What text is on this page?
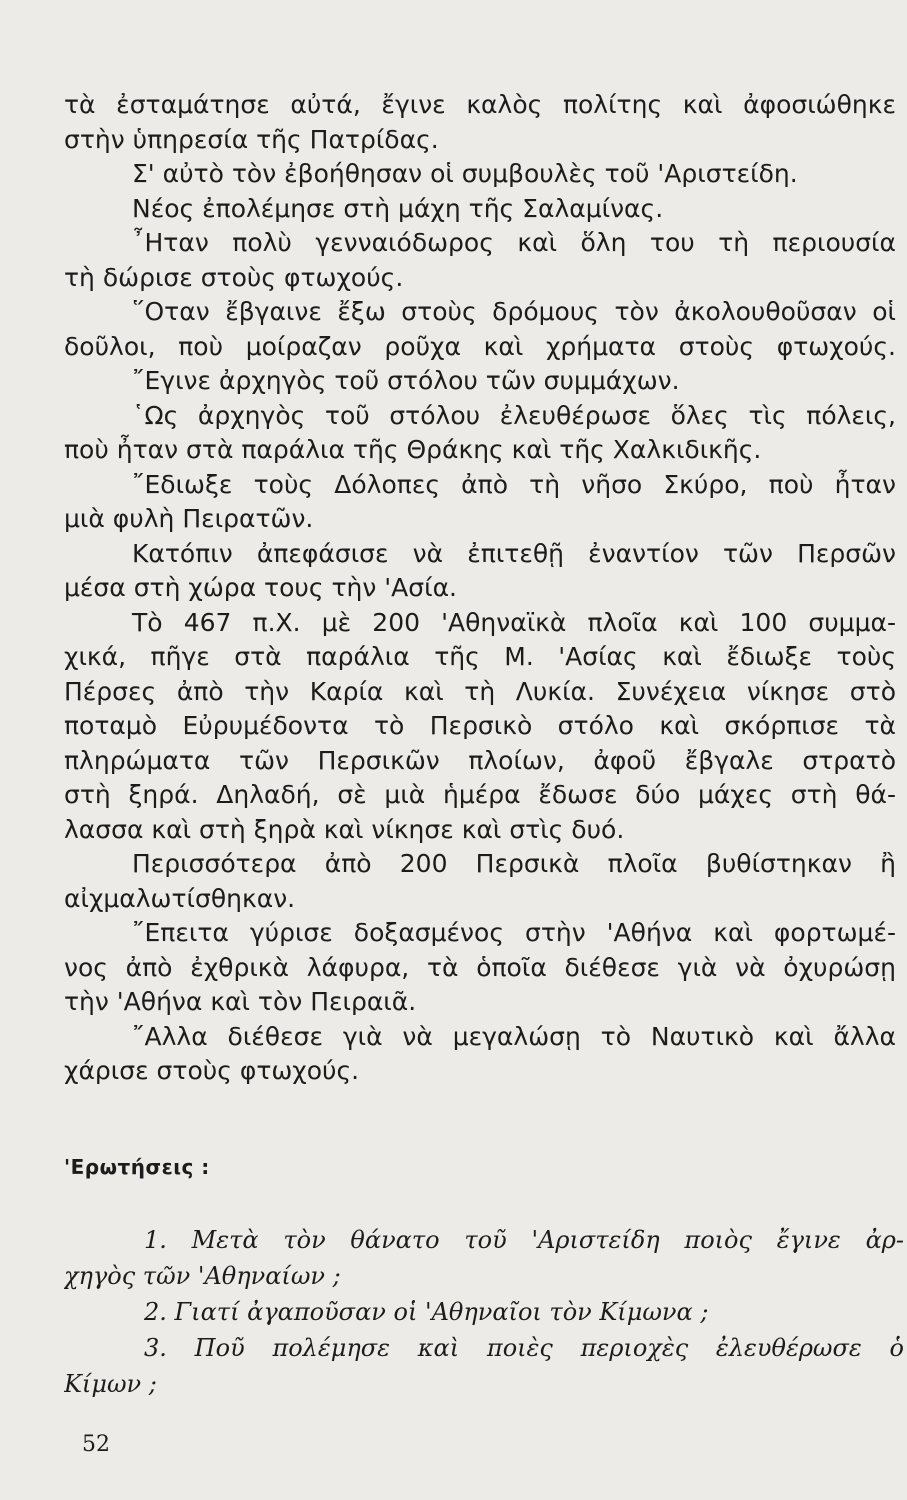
τὰ ἐσταμάτησε αὐτά, ἔγινε καλὸς πολίτης καὶ ἀφοσιώθηκε
στὴν ὑπηρεσία τῆς Πατρίδας.
Σ' αὐτὸ τὸν ἐβοήθησαν οἱ συμβουλὲς τοῦ 'Αριστείδη.
Νέος ἐπολέμησε στὴ μάχη τῆς Σαλαμίνας.
῏Ηταν πολὺ γενναιόδωρος καὶ ὅλη του τὴ περιουσία
τὴ δώρισε στοὺς φτωχούς.
῞Οταν ἔβγαινε ἔξω στοὺς δρόμους τὸν ἀκολουθοῦσαν οἱ
δοῦλοι, ποὺ μοίραζαν ροῦχα καὶ χρήματα στοὺς φτωχούς.
῎Εγινε ἀρχηγὸς τοῦ στόλου τῶν συμμάχων.
῾Ως ἀρχηγὸς τοῦ στόλου ἐλευθέρωσε ὅλες τὶς πόλεις,
ποὺ ἦταν στὰ παράλια τῆς Θράκης καὶ τῆς Χαλκιδικῆς.
῎Εδιωξε τοὺς Δόλοπες ἀπὸ τὴ νῆσο Σκύρο, ποὺ ἦταν
μιὰ φυλὴ Πειρατῶν.
Κατόπιν ἀπεφάσισε νὰ ἐπιτεθῇ ἐναντίον τῶν Περσῶν
μέσα στὴ χώρα τους τὴν 'Ασία.
Τὸ 467 π.Χ. μὲ 200 'Αθηναϊκὰ πλοῖα καὶ 100 συμμα-
χικά, πῆγε στὰ παράλια τῆς Μ. 'Ασίας καὶ ἔδιωξε τοὺς
Πέρσες ἀπὸ τὴν Καρία καὶ τὴ Λυκία. Συνέχεια νίκησε στὸ
ποταμὸ Εὐρυμέδοντα τὸ Περσικὸ στόλο καὶ σκόρπισε τὰ
πληρώματα τῶν Περσικῶν πλοίων, ἀφοῦ ἔβγαλε στρατὸ
στὴ ξηρά. Δηλαδή, σὲ μιὰ ἡμέρα ἔδωσε δύο μάχες στὴ θά-
λασσα καὶ στὴ ξηρὰ καὶ νίκησε καὶ στὶς δυό.
Περισσότερα ἀπὸ 200 Περσικὰ πλοῖα βυθίστηκαν ἢ
αἰχμαλωτίσθηκαν.
῎Επειτα γύρισε δοξασμένος στὴν 'Αθήνα καὶ φορτωμέ-
νος ἀπὸ ἐχθρικὰ λάφυρα, τὰ ὁποῖα διέθεσε γιὰ νὰ ὀχυρώσῃ
τὴν 'Αθήνα καὶ τὸν Πειραιᾶ.
῎Αλλα διέθεσε γιὰ νὰ μεγαλώσῃ τὸ Ναυτικὸ καὶ ἄλλα
χάρισε στοὺς φτωχούς.
'Ερωτήσεις :
1. Μετὰ τὸν θάνατο τοῦ 'Αριστείδη ποιὸς ἔγινε ἀρ-
χηγὸς τῶν 'Αθηναίων ;
2. Γιατί ἀγαποῦσαν οἱ 'Αθηναῖοι τὸν Κίμωνα ;
3. Ποῦ πολέμησε καὶ ποιὲς περιοχὲς ἐλευθέρωσε ὁ
Κίμων ;
52
